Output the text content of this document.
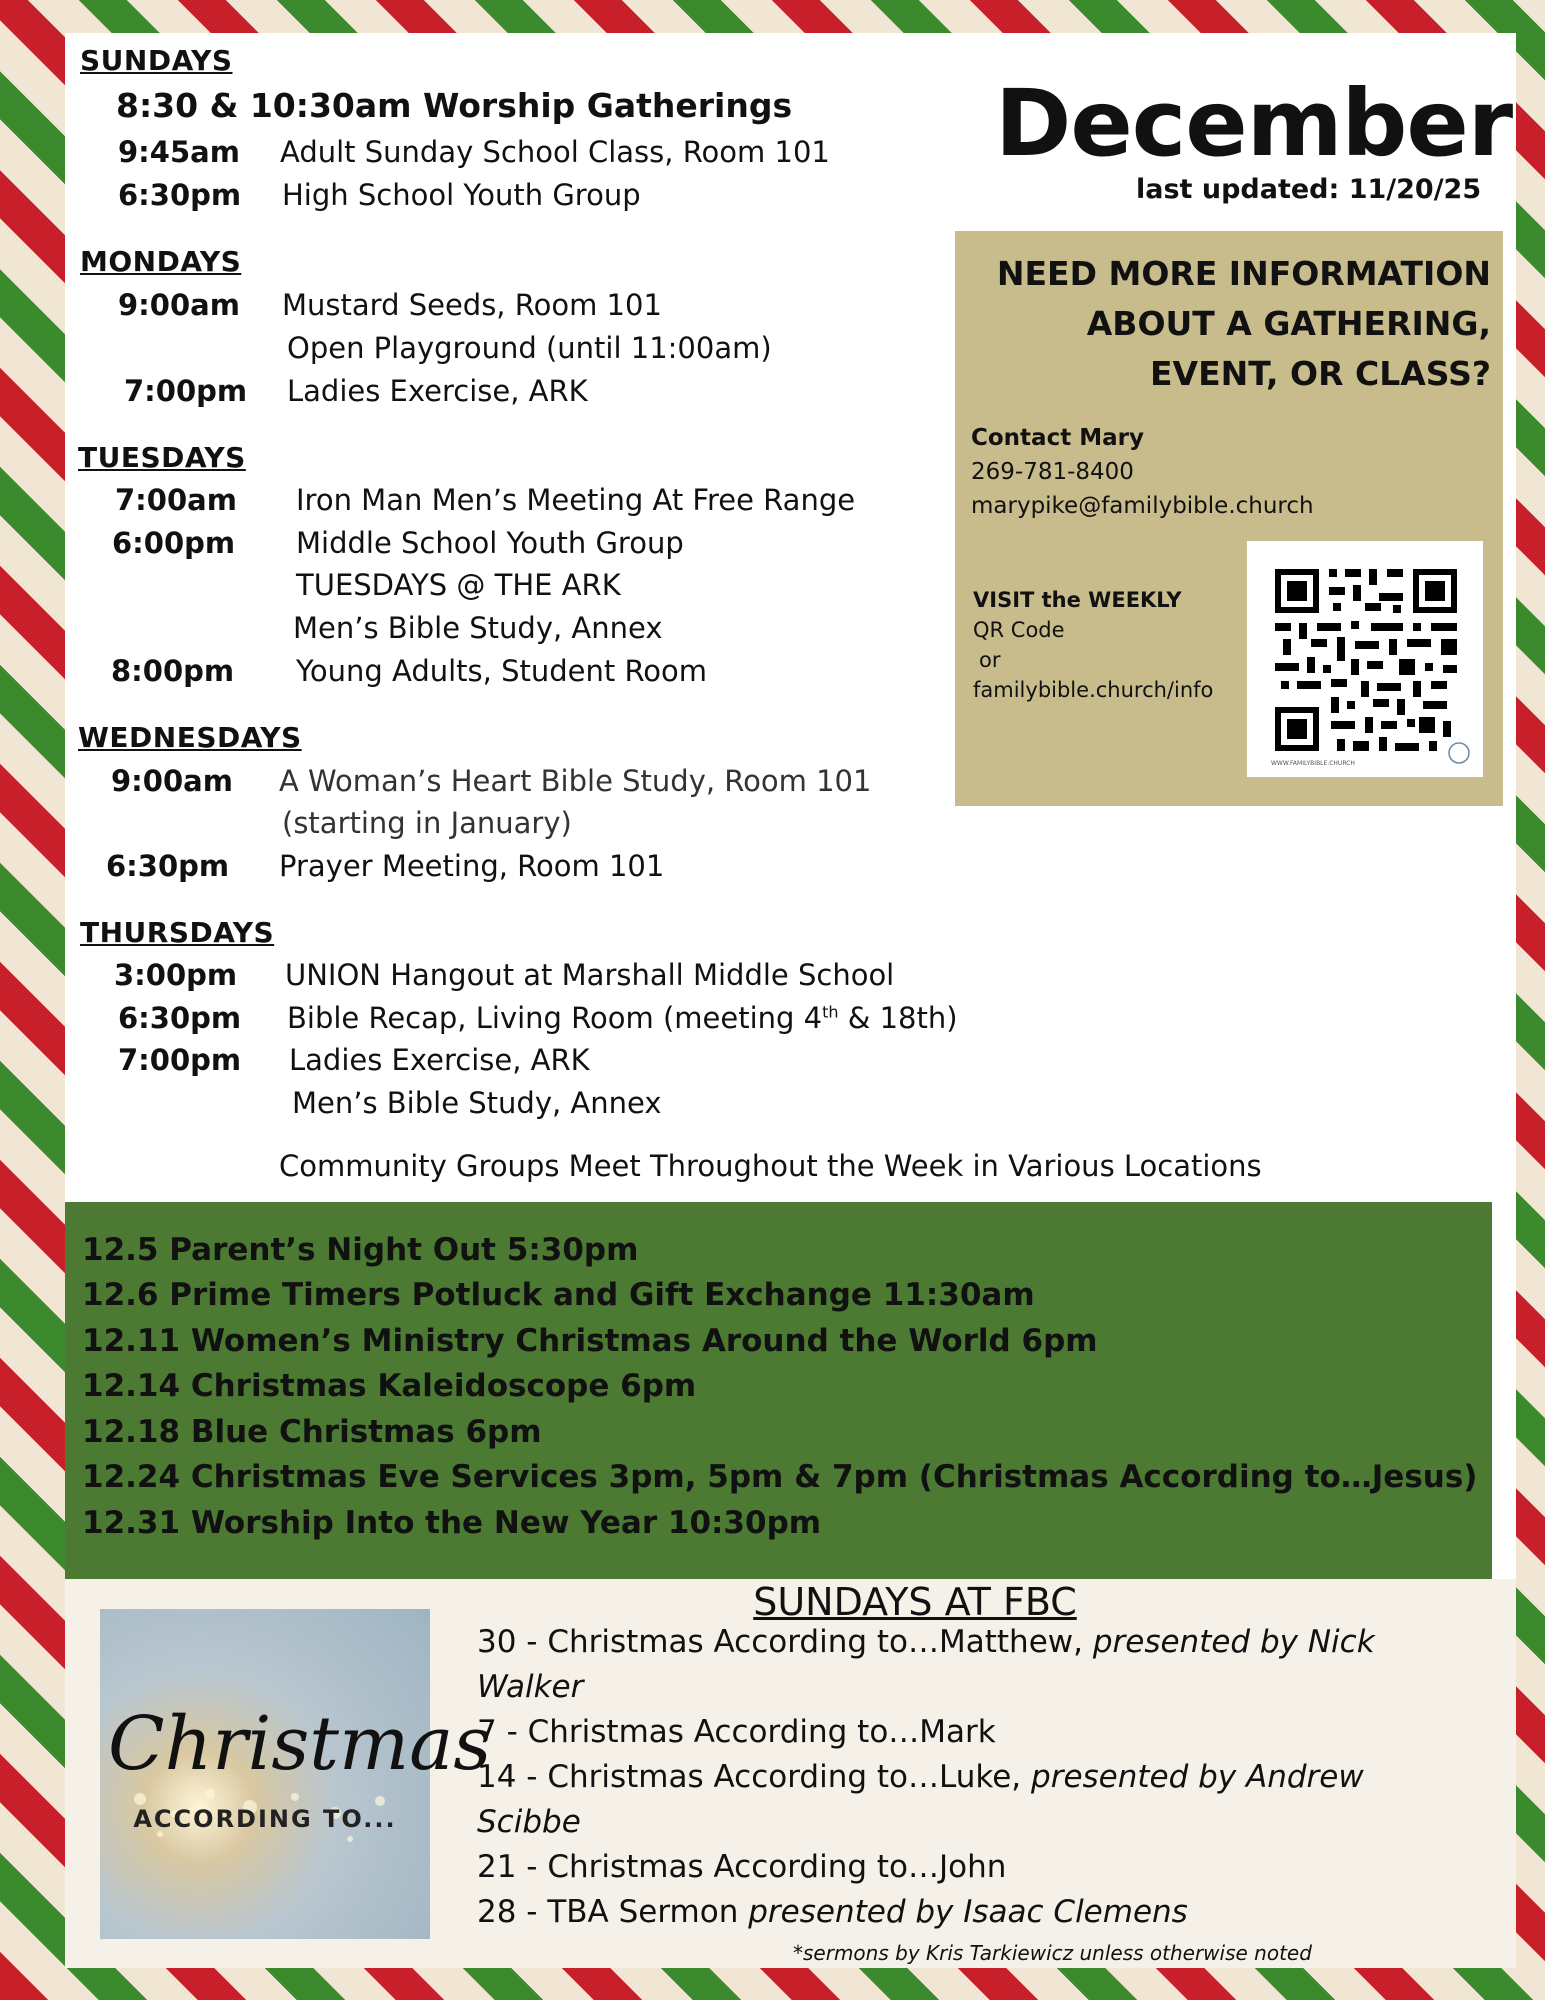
SUNDAYS
8:30 & 10:30am Worship Gatherings
9:45am Adult Sunday School Class, Room 101
6:30pm High School Youth Group
MONDAYS
9:00am Mustard Seeds, Room 101
Open Playground (until 11:00am)
7:00pm Ladies Exercise, ARK
TUESDAYS
7:00am Iron Man Men’s Meeting At Free Range
6:00pm Middle School Youth Group
TUESDAYS @ THE ARK
Men’s Bible Study, Annex
8:00pm Young Adults, Student Room
WEDNESDAYS
9:00am A Woman’s Heart Bible Study, Room 101
(starting in January)
6:30pm Prayer Meeting, Room 101
THURSDAYS
3:00pm UNION Hangout at Marshall Middle School
6:30pm Bible Recap, Living Room (meeting 4th & 18th)
7:00pm Ladies Exercise, ARK
Men’s Bible Study, Annex
Community Groups Meet Throughout the Week in Various Locations
December
last updated: 11/20/25
NEED MORE INFORMATION
ABOUT A GATHERING,
EVENT, OR CLASS?
Contact Mary
269-781-8400
marypike@familybible.church
VISIT the WEEKLY
QR Code
or
familybible.church/info
WWW.FAMILYBIBLE.CHURCH
12.5 Parent’s Night Out 5:30pm
12.6 Prime Timers Potluck and Gift Exchange 11:30am
12.11 Women’s Ministry Christmas Around the World 6pm
12.14 Christmas Kaleidoscope 6pm
12.18 Blue Christmas 6pm
12.24 Christmas Eve Services 3pm, 5pm & 7pm (Christmas According to…Jesus)
12.31 Worship Into the New Year 10:30pm
SUNDAYS AT FBC
Christmas
ACCORDING TO...
30 - Christmas According to…Matthew, presented by Nick
Walker
7 - Christmas According to…Mark
14 - Christmas According to…Luke, presented by Andrew
Scibbe
21 - Christmas According to…John
28 - TBA Sermon presented by Isaac Clemens
*sermons by Kris Tarkiewicz unless otherwise noted
